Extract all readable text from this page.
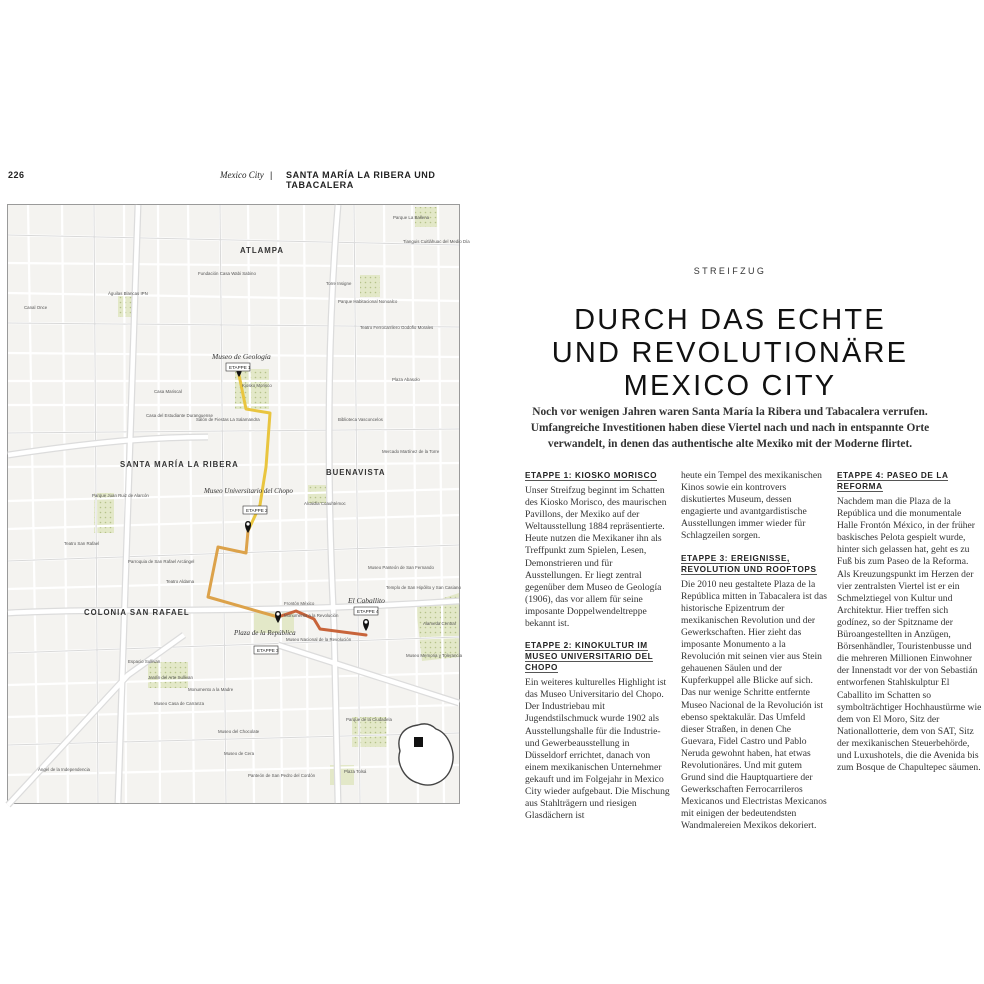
226	Mexico City | SANTA MARÍA LA RIBERA UND TABACALERA
ETAPPE 1
ETAPPE 2
ETAPPE 3
ETAPPE 4
Museo de Geología
Museo Universitario del Chopo
Plaza de la República
El Caballito
ATLAMPA
SANTA MARÍA LA RIBERA
BUENAVISTA
COLONIA SAN RAFAEL
Parque La Ballena
Tianguis Cuitláhuac del Medio Día
Fundación Casa Wabi Sabino
Águilas Blancas IPN
Torre Insigne
Parque Habitacional Nonoalco
Canal Once
Teatro Ferrocarrilero Godofio Morales
Kiosko Morisco
Plaza Abasolo
Casa Mariscal
Casa del Estudiante Duranguense
Salón de Fiestas La Salamandra	Biblioteca Vasconcelos
Mercado Martínez de la Torre
Alcaldía Cuauhtémoc
Parque Juan Ruiz de Alarcón
Teatro San Rafael
Parroquia de San Rafael Arcángel
Teatro Aldama
Frontón México
Monumento a la Revolución
Museo Nacional de la Revolución
Museo Panteón de San Fernando
Templo de San Hipólito y San Casiano
Alameda Central
Museo Memoria y Tolerancia
Espacio Sullivan
Jardín del Arte Sullivan
Monumento a la Madre
Museo Casa de Carranza
Museo del Chocolate
Museo de Cera
Parque de la Ciudadela
Plaza Tolsá
Panteón de San Pedro del Cordón
Ángel de la Independencia
STREIFZUG
DURCH DAS ECHTE
UND REVOLUTIONÄRE
MEXICO CITY
Noch vor wenigen Jahren waren Santa María la Ribera und Tabacalera verrufen. Umfangreiche Investitionen haben diese Viertel nach und nach in entspannte Orte verwandelt, in denen das authentische alte Mexiko mit der Moderne flirtet.
ETAPPE 1: KIOSKO MORISCO

Unser Streifzug beginnt im Schatten des Kiosko Morisco, des maurischen Pavillons, der Mexiko auf der Weltausstellung 1884 repräsentierte. Heute nutzen die Mexikaner ihn als Treffpunkt zum Spielen, Lesen, Demonstrieren und für Ausstellungen. Er liegt zentral gegenüber dem Museo de Geología (1906), das vor allem für seine imposante Doppelwendeltreppe bekannt ist.

ETAPPE 2: KINOKULTUR IM MUSEO UNIVERSITARIO DEL CHOPO

Ein weiteres kulturelles Highlight ist das Museo Universitario del Chopo. Der Industriebau mit Jugendstilschmuck wurde 1902 als Ausstellungshalle für die Industrie- und Gewerbeausstellung in Düsseldorf errichtet, danach von einem mexikanischen Unternehmer gekauft und im Folgejahr in Mexico City wieder aufgebaut. Die Mischung aus Stahlträgern und riesigen Glasdächern ist

heute ein Tempel des mexikanischen Kinos sowie ein kontrovers diskutiertes Museum, dessen engagierte und avantgardistische Ausstellungen immer wieder für Schlagzeilen sorgen.

ETAPPE 3: EREIGNISSE, REVOLUTION UND ROOFTOPS

Die 2010 neu gestaltete Plaza de la República mitten in Tabacalera ist das historische Epizentrum der mexikanischen Revolution und der Gewerkschaften. Hier zieht das imposante Monumento a la Revolución mit seinen vier aus Stein gehauenen Säulen und der Kupferkuppel alle Blicke auf sich. Das nur wenige Schritte entfernte Museo Nacional de la Revolución ist ebenso spektakulär. Das Umfeld dieser Straßen, in denen Che Guevara, Fidel Castro und Pablo Neruda gewohnt haben, hat etwas Revolutionäres. Und mit gutem Grund sind die Hauptquartiere der Gewerkschaften Ferrocarrileros Mexicanos und Electristas Mexicanos mit einigen der bedeutendsten Wandmalereien Mexikos dekoriert.

ETAPPE 4: PASEO DE LA REFORMA

Nachdem man die Plaza de la República und die monumentale Halle Frontón México, in der früher baskisches Pelota gespielt wurde, hinter sich gelassen hat, geht es zu Fuß bis zum Paseo de la Reforma. Als Kreuzungspunkt im Herzen der vier zentralsten Viertel ist er ein Schmelztiegel von Kultur und Architektur. Hier treffen sich godínez, so der Spitzname der Büroangestellten in Anzügen, Börsenhändler, Touristenbusse und die mehreren Millionen Einwohner der Innenstadt vor der von Sebastián entworfenen Stahlskulptur El Caballito im Schatten so symbolträchtiger Hochhaustürme wie dem von El Moro, Sitz der Nationallotterie, dem von SAT, Sitz der mexikanischen Steuerbehörde, und Luxushotels, die die Avenida bis zum Bosque de Chapultepec säumen.
